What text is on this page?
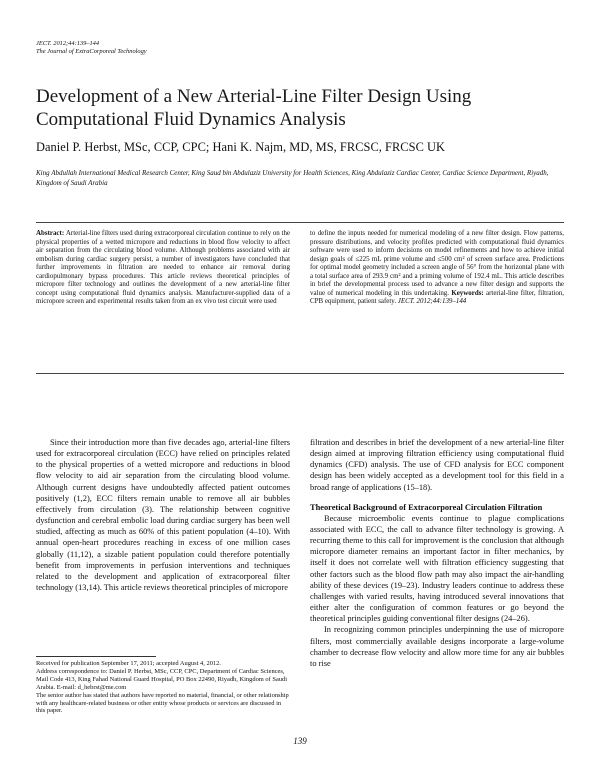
JECT. 2012;44:139–144
The Journal of ExtraCorporeal Technology
Development of a New Arterial-Line Filter Design Using Computational Fluid Dynamics Analysis
Daniel P. Herbst, MSc, CCP, CPC; Hani K. Najm, MD, MS, FRCSC, FRCSC UK
King Abdullah International Medical Research Center, King Saud bin Abdulaziz University for Health Sciences, King Abdulaziz Cardiac Center, Cardiac Science Department, Riyadh, Kingdom of Saudi Arabia
Abstract: Arterial-line filters used during extracorporeal circulation continue to rely on the physical properties of a wetted micropore and reductions in blood flow velocity to affect air separation from the circulating blood volume. Although problems associated with air embolism during cardiac surgery persist, a number of investigators have concluded that further improvements in filtration are needed to enhance air removal during cardiopulmonary bypass procedures. This article reviews theoretical principles of micropore filter technology and outlines the development of a new arterial-line filter concept using computational fluid dynamics analysis. Manufacturer-supplied data of a micropore screen and experimental results taken from an ex vivo test circuit were used
to define the inputs needed for numerical modeling of a new filter design. Flow patterns, pressure distributions, and velocity profiles predicted with computational fluid dynamics software were used to inform decisions on model refinements and how to achieve initial design goals of ≤225 mL prime volume and ≤500 cm² of screen surface area. Predictions for optimal model geometry included a screen angle of 56° from the horizontal plane with a total surface area of 293.9 cm² and a priming volume of 192.4 mL. This article describes in brief the developmental process used to advance a new filter design and supports the value of numerical modeling in this undertaking. Keywords: arterial-line filter, filtration, CPB equipment, patient safety. JECT. 2012;44:139–144

Since their introduction more than five decades ago, arterial-line filters used for extracorporeal circulation (ECC) have relied on principles related to the physical properties of a wetted micropore and reductions in blood flow velocity to aid air separation from the circulating blood volume. Although current designs have undoubtedly affected patient outcomes positively (1,2), ECC filters remain unable to remove all air bubbles effectively from circulation (3). The relationship between cognitive dysfunction and cerebral embolic load during cardiac surgery has been well studied, affecting as much as 60% of this patient population (4–10). With annual open-heart procedures reaching in excess of one million cases globally (11,12), a sizable patient population could therefore potentially benefit from improvements in perfusion interventions and techniques related to the development and application of extracorporeal filter technology (13,14). This article reviews theoretical principles of micropore

filtration and describes in brief the development of a new arterial-line filter design aimed at improving filtration efficiency using computational fluid dynamics (CFD) analysis. The use of CFD analysis for ECC component design has been widely accepted as a development tool for this field in a broad range of applications (15–18).

Theoretical Background of Extracorporeal Circulation Filtration

Because microembolic events continue to plague complications associated with ECC, the call to advance filter technology is growing. A recurring theme to this call for improvement is the conclusion that although micropore diameter remains an important factor in filter mechanics, by itself it does not correlate well with filtration efficiency suggesting that other factors such as the blood flow path may also impact the air-handling ability of these devices (19–23). Industry leaders continue to address these challenges with varied results, having introduced several innovations that either alter the configuration of common features or go beyond the theoretical principles guiding conventional filter designs (24–26).

In recognizing common principles underpinning the use of micropore filters, most commercially available designs incorporate a large-volume chamber to decrease flow velocity and allow more time for any air bubbles to rise

Received for publication September 17, 2011; accepted August 4, 2012.

Address correspondence to: Daniel P. Herbst, MSc, CCP, CPC, Department of Cardiac Sciences, Mail Code 413, King Fahad National Guard Hospital, PO Box 22490, Riyadh, Kingdom of Saudi Arabia. E-mail: d_hebrst@me.com

The senior author has stated that authors have reported no material, financial, or other relationship with any healthcare-related business or other entity whose products or services are discussed in this paper.

139
